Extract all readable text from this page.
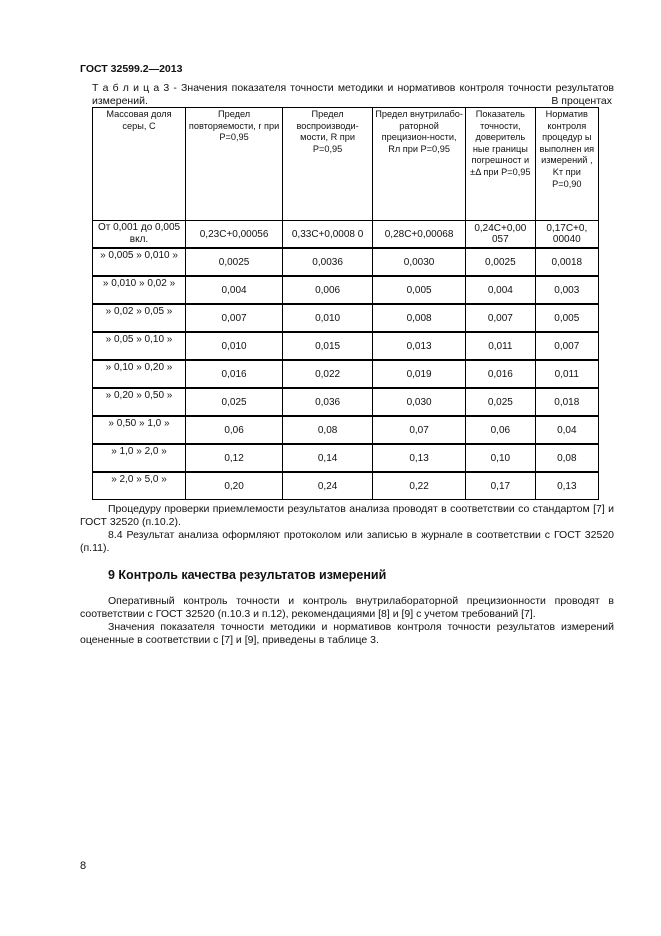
ГОСТ 32599.2—2013
Т а б л и ц а 3 - Значения показателя точности методики и нормативов контроля точности результатов измерений.	В процентах
Массовая доля серы, С	Предел повторяемости, r при Р=0,95	Предел воспроизводи-мости, R при Р=0,95	Предел внутрилабо-раторной прецизион-ности, Rл при Р=0,95	Показатель точности, доверитель ные границы погрешност и ±Δ при Р=0,95	Норматив контроля процедур ы выполнен ия измерений , Kт при Р=0,90
От 0,001 до 0,005 вкл.	0,23С+0,00056	0,33С+0,0008 0	0,28С+0,00068	0,24С+0,00 057	0,17С+0, 00040
» 0,005 » 0,010 »	0,0025	0,0036	0,0030	0,0025	0,0018
» 0,010 » 0,02 »	0,004	0,006	0,005	0,004	0,003
» 0,02 » 0,05 »	0,007	0,010	0,008	0,007	0,005
» 0,05 » 0,10 »	0,010	0,015	0,013	0,011	0,007
» 0,10 » 0,20 »	0,016	0,022	0,019	0,016	0,011
» 0,20 » 0,50 »	0,025	0,036	0,030	0,025	0,018
» 0,50 » 1,0 »	0,06	0,08	0,07	0,06	0,04
» 1,0 » 2,0 »	0,12	0,14	0,13	0,10	0,08
» 2,0 » 5,0 »	0,20	0,24	0,22	0,17	0,13
Процедуру проверки приемлемости результатов анализа проводят в соответствии со стандартом [7] и ГОСТ 32520 (п.10.2).
8.4 Результат анализа оформляют протоколом или записью в журнале в соответствии с ГОСТ 32520 (п.11).
9 Контроль качества результатов измерений
Оперативный контроль точности и контроль внутрилабораторной прецизионности проводят в соответствии с ГОСТ 32520 (п.10.3 и п.12), рекомендациями [8] и [9] с учетом требований [7].
Значения показателя точности методики и нормативов контроля точности результатов измерений оцененные в соответствии с [7] и [9], приведены в таблице 3.
8
